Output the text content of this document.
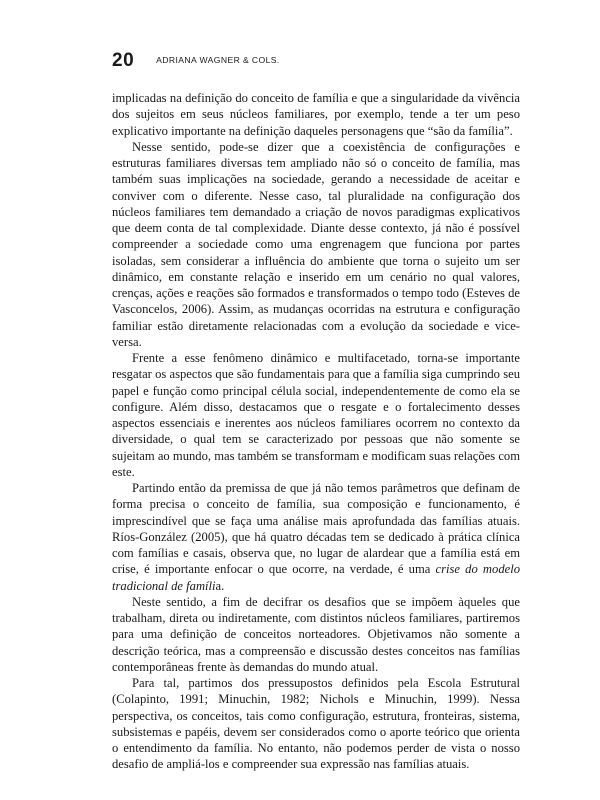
20	ADRIANA WAGNER & COLS.

implicadas na definição do conceito de família e que a singularidade da vivência dos sujeitos em seus núcleos familiares, por exemplo, tende a ter um peso explicativo importante na definição daqueles personagens que “são da família”.

Nesse sentido, pode-se dizer que a coexistência de configurações e estruturas familiares diversas tem ampliado não só o conceito de família, mas também suas implicações na sociedade, gerando a necessidade de aceitar e conviver com o diferente. Nesse caso, tal pluralidade na configuração dos núcleos familiares tem demandado a criação de novos paradigmas explicativos que deem conta de tal complexidade. Diante desse contexto, já não é possível compreender a sociedade como uma engrenagem que funciona por partes isoladas, sem considerar a influência do ambiente que torna o sujeito um ser dinâmico, em constante relação e inserido em um cenário no qual valores, crenças, ações e reações são formados e transformados o tempo todo (Esteves de Vasconcelos, 2006). Assim, as mudanças ocorridas na estrutura e configuração familiar estão diretamente relacionadas com a evolução da sociedade e vice-versa.

Frente a esse fenômeno dinâmico e multifacetado, torna-se importante resgatar os aspectos que são fundamentais para que a família siga cumprindo seu papel e função como principal célula social, independentemente de como ela se configure. Além disso, destacamos que o resgate e o fortalecimento desses aspectos essenciais e inerentes aos núcleos familiares ocorrem no contexto da diversidade, o qual tem se caracterizado por pessoas que não somente se sujeitam ao mundo, mas também se transformam e modificam suas relações com este.

Partindo então da premissa de que já não temos parâmetros que definam de forma precisa o conceito de família, sua composição e funcionamento, é imprescindível que se faça uma análise mais aprofundada das famílias atuais. Ríos-González (2005), que há quatro décadas tem se dedicado à prática clínica com famílias e casais, observa que, no lugar de alardear que a família está em crise, é importante enfocar o que ocorre, na verdade, é uma crise do modelo tradicional de família.

Neste sentido, a fim de decifrar os desafios que se impõem àqueles que trabalham, direta ou indiretamente, com distintos núcleos familiares, partiremos para uma definição de conceitos norteadores. Objetivamos não somente a descrição teórica, mas a compreensão e discussão destes conceitos nas famílias contemporâneas frente às demandas do mundo atual.

Para tal, partimos dos pressupostos definidos pela Escola Estrutural (Colapinto, 1991; Minuchin, 1982; Nichols e Minuchin, 1999). Nessa perspectiva, os conceitos, tais como configuração, estrutura, fronteiras, sistema, subsistemas e papéis, devem ser considerados como o aporte teórico que orienta o entendimento da família. No entanto, não podemos perder de vista o nosso desafio de ampliá-los e compreender sua expressão nas famílias atuais.
